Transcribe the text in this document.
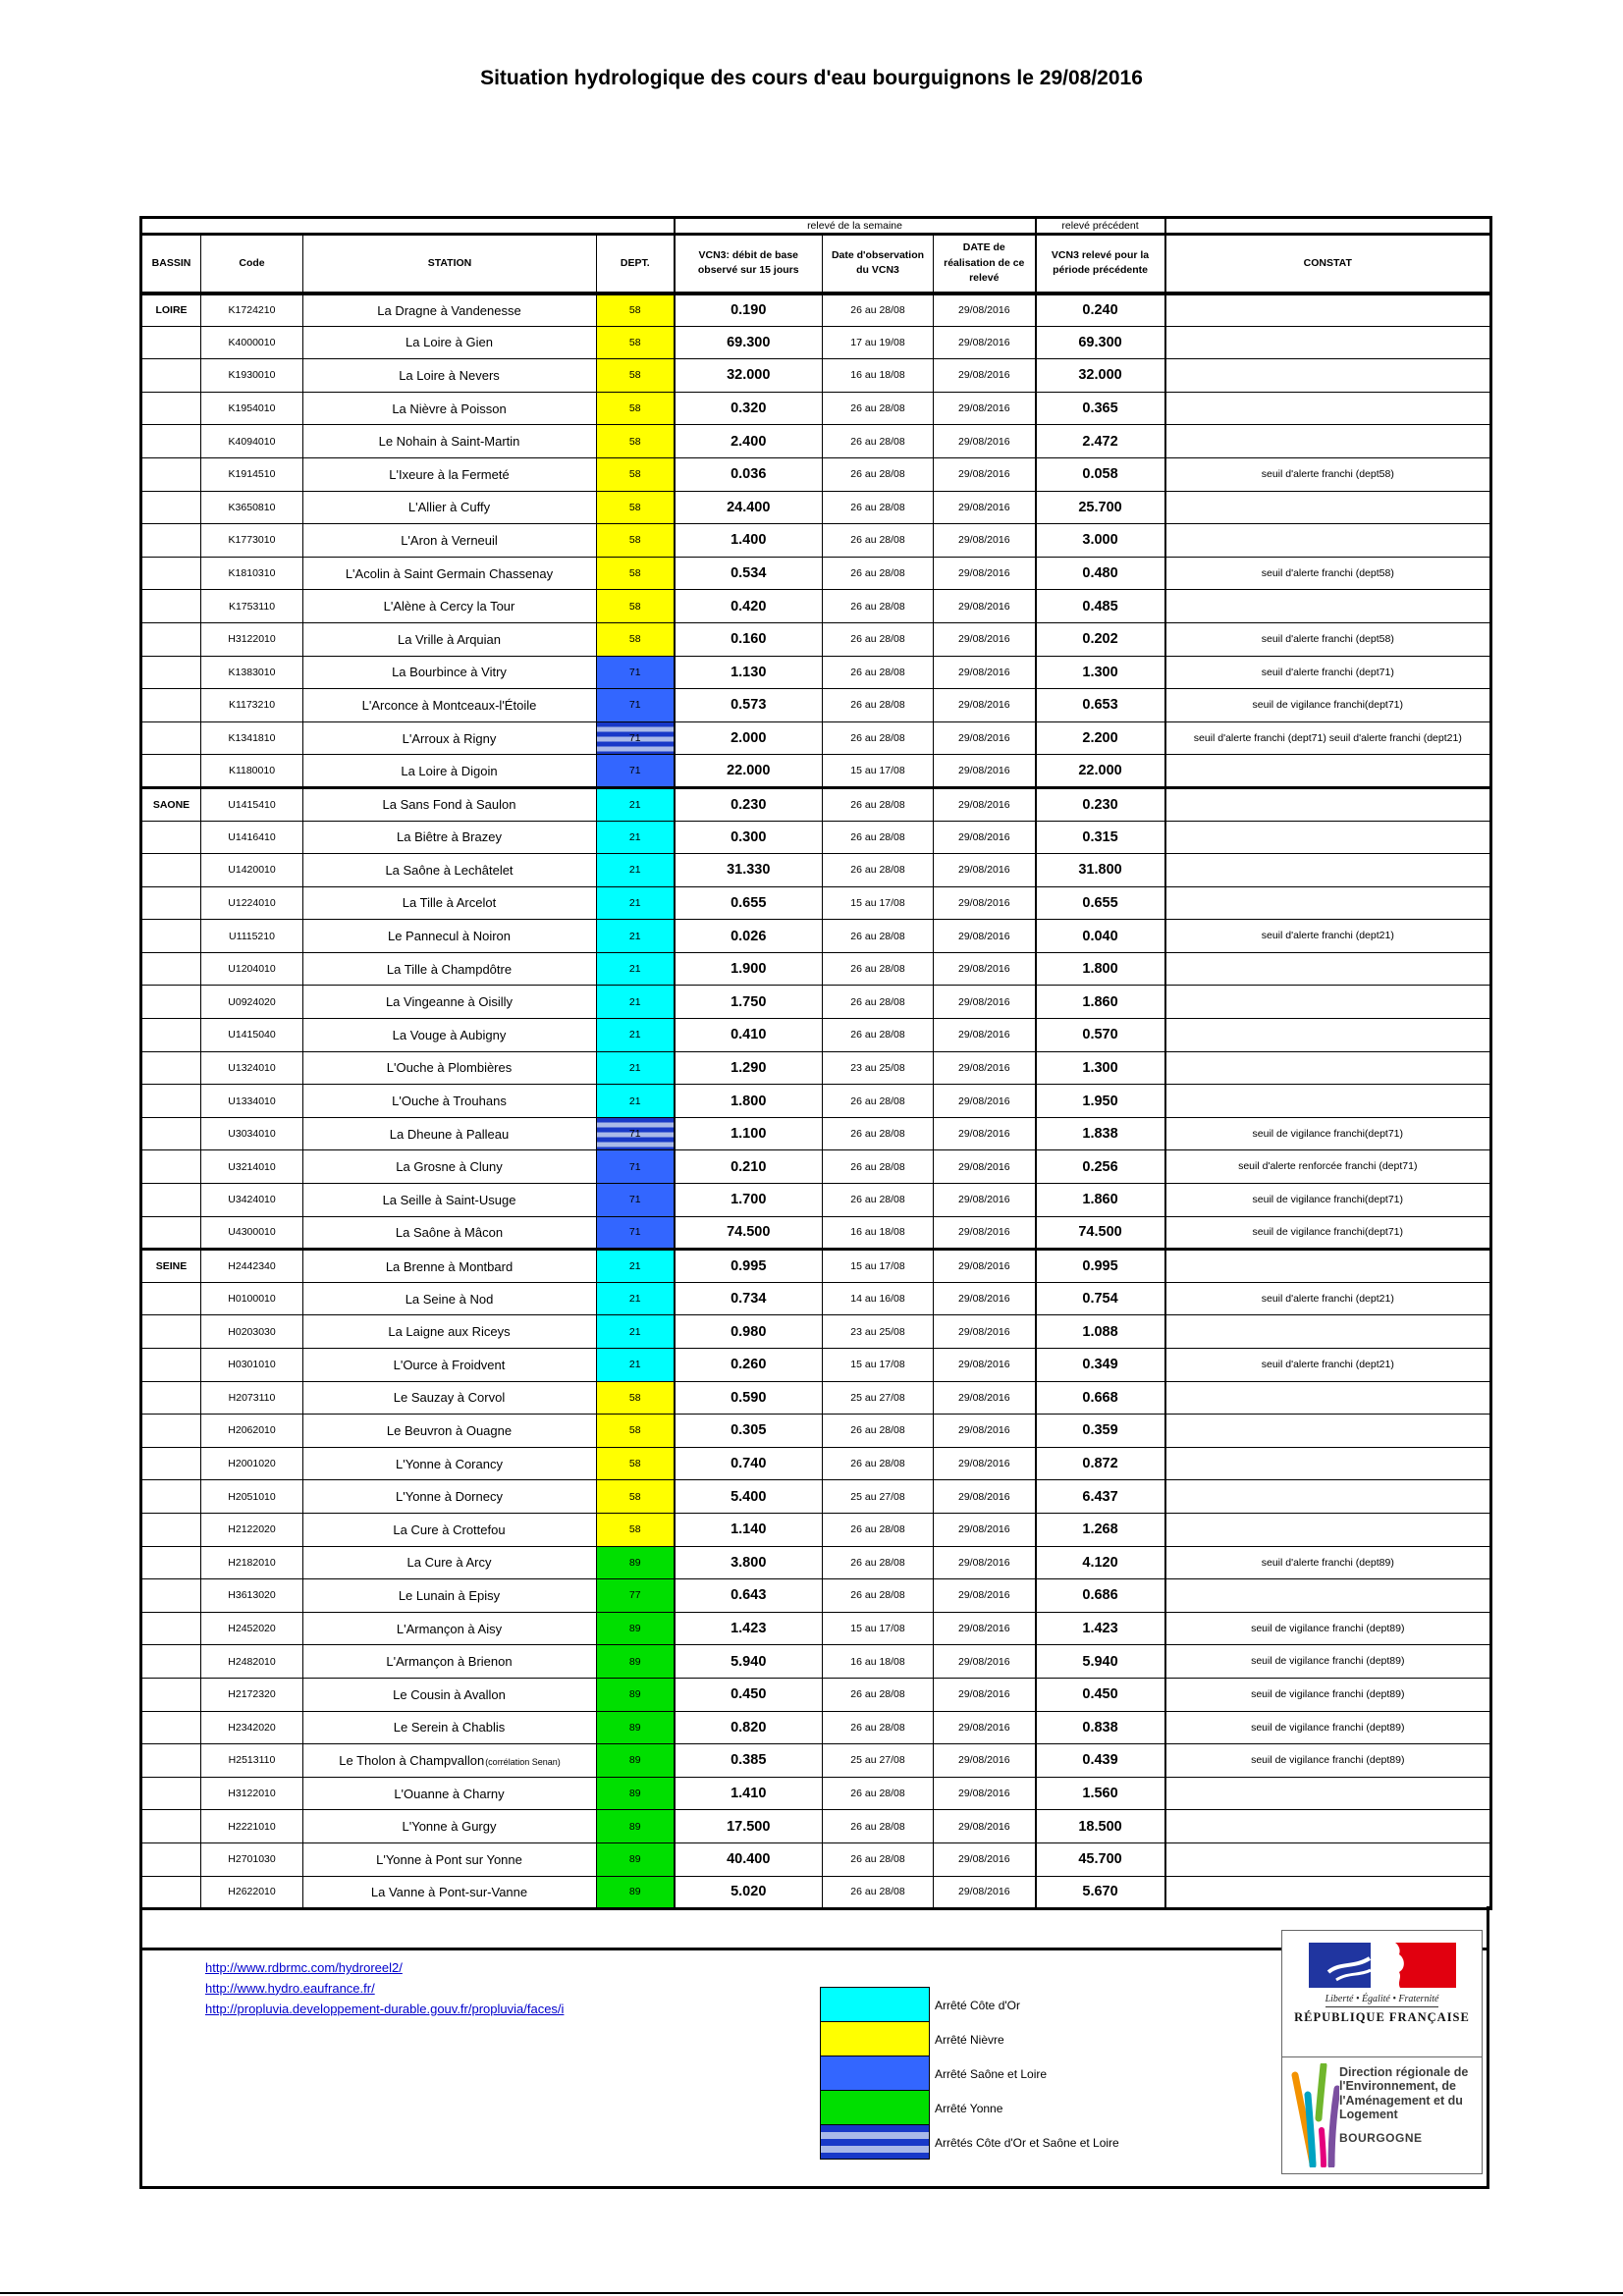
Situation hydrologique des cours d'eau bourguignons le 29/08/2016
				relevé de la semaine			relevé précédent	
BASSIN	Code	STATION	DEPT.	VCN3: débit de base observé sur 15 jours	Date d'observation du VCN3	DATE de réalisation de ce relevé	VCN3 relevé pour la période précédente	CONSTAT
LOIRE	K1724210	La Dragne à Vandenesse	58	0.190	26 au 28/08	29/08/2016	0.240	
	K4000010	La Loire à Gien	58	69.300	17 au 19/08	29/08/2016	69.300	
	K1930010	La Loire à Nevers	58	32.000	16 au 18/08	29/08/2016	32.000	
	K1954010	La Nièvre à Poisson	58	0.320	26 au 28/08	29/08/2016	0.365	
	K4094010	Le Nohain à Saint-Martin	58	2.400	26 au 28/08	29/08/2016	2.472	
	K1914510	L'Ixeure à la Fermeté	58	0.036	26 au 28/08	29/08/2016	0.058	seuil d'alerte franchi (dept58)
	K3650810	L'Allier à Cuffy	58	24.400	26 au 28/08	29/08/2016	25.700	
	K1773010	L'Aron à Verneuil	58	1.400	26 au 28/08	29/08/2016	3.000	
	K1810310	L'Acolin à Saint Germain Chassenay	58	0.534	26 au 28/08	29/08/2016	0.480	seuil d'alerte franchi (dept58)
	K1753110	L'Alène à Cercy la Tour	58	0.420	26 au 28/08	29/08/2016	0.485	
	H3122010	La Vrille à Arquian	58	0.160	26 au 28/08	29/08/2016	0.202	seuil d'alerte franchi (dept58)
	K1383010	La Bourbince à Vitry	71	1.130	26 au 28/08	29/08/2016	1.300	seuil d'alerte franchi (dept71)
	K1173210	L'Arconce à Montceaux-l'Étoile	71	0.573	26 au 28/08	29/08/2016	0.653	seuil de vigilance franchi(dept71)
	K1341810	L'Arroux à Rigny	71	2.000	26 au 28/08	29/08/2016	2.200	seuil d'alerte franchi (dept71) seuil d'alerte franchi (dept21)
	K1180010	La Loire à Digoin	71	22.000	15 au 17/08	29/08/2016	22.000	
SAONE	U1415410	La Sans Fond à Saulon	21	0.230	26 au 28/08	29/08/2016	0.230	
	U1416410	La Biêtre à Brazey	21	0.300	26 au 28/08	29/08/2016	0.315	
	U1420010	La Saône à Lechâtelet	21	31.330	26 au 28/08	29/08/2016	31.800	
	U1224010	La Tille à Arcelot	21	0.655	15 au 17/08	29/08/2016	0.655	
	U1115210	Le Pannecul à Noiron	21	0.026	26 au 28/08	29/08/2016	0.040	seuil d'alerte franchi (dept21)
	U1204010	La Tille à Champdôtre	21	1.900	26 au 28/08	29/08/2016	1.800	
	U0924020	La Vingeanne à Oisilly	21	1.750	26 au 28/08	29/08/2016	1.860	
	U1415040	La Vouge à Aubigny	21	0.410	26 au 28/08	29/08/2016	0.570	
	U1324010	L'Ouche à Plombières	21	1.290	23 au 25/08	29/08/2016	1.300	
	U1334010	L'Ouche à Trouhans	21	1.800	26 au 28/08	29/08/2016	1.950	
	U3034010	La Dheune à Palleau	71	1.100	26 au 28/08	29/08/2016	1.838	seuil de vigilance franchi(dept71)
	U3214010	La Grosne à Cluny	71	0.210	26 au 28/08	29/08/2016	0.256	seuil d'alerte renforcée franchi (dept71)
	U3424010	La Seille à Saint-Usuge	71	1.700	26 au 28/08	29/08/2016	1.860	seuil de vigilance franchi(dept71)
	U4300010	La Saône à Mâcon	71	74.500	16 au 18/08	29/08/2016	74.500	seuil de vigilance franchi(dept71)
SEINE	H2442340	La Brenne à Montbard	21	0.995	15 au 17/08	29/08/2016	0.995	
	H0100010	La Seine à Nod	21	0.734	14 au 16/08	29/08/2016	0.754	seuil d'alerte franchi (dept21)
	H0203030	La Laigne aux Riceys	21	0.980	23 au 25/08	29/08/2016	1.088	
	H0301010	L'Ource à Froidvent	21	0.260	15 au 17/08	29/08/2016	0.349	seuil d'alerte franchi (dept21)
	H2073110	Le Sauzay à Corvol	58	0.590	25 au 27/08	29/08/2016	0.668	
	H2062010	Le Beuvron à Ouagne	58	0.305	26 au 28/08	29/08/2016	0.359	
	H2001020	L'Yonne à Corancy	58	0.740	26 au 28/08	29/08/2016	0.872	
	H2051010	L'Yonne à Dornecy	58	5.400	25 au 27/08	29/08/2016	6.437	
	H2122020	La Cure à Crottefou	58	1.140	26 au 28/08	29/08/2016	1.268	
	H2182010	La Cure à Arcy	89	3.800	26 au 28/08	29/08/2016	4.120	seuil d'alerte franchi (dept89)
	H3613020	Le Lunain à Episy	77	0.643	26 au 28/08	29/08/2016	0.686	
	H2452020	L'Armançon à Aisy	89	1.423	15 au 17/08	29/08/2016	1.423	seuil de vigilance franchi (dept89)
	H2482010	L'Armançon à Brienon	89	5.940	16 au 18/08	29/08/2016	5.940	seuil de vigilance franchi (dept89)
	H2172320	Le Cousin à Avallon	89	0.450	26 au 28/08	29/08/2016	0.450	seuil de vigilance franchi (dept89)
	H2342020	Le Serein à Chablis	89	0.820	26 au 28/08	29/08/2016	0.838	seuil de vigilance franchi (dept89)
	H2513110	Le Tholon à Champvallon(corrélation Senan)	89	0.385	25 au 27/08	29/08/2016	0.439	seuil de vigilance franchi (dept89)
	H3122010	L'Ouanne à Charny	89	1.410	26 au 28/08	29/08/2016	1.560	
	H2221010	L'Yonne à Gurgy	89	17.500	26 au 28/08	29/08/2016	18.500	
	H2701030	L'Yonne à Pont sur Yonne	89	40.400	26 au 28/08	29/08/2016	45.700	
	H2622010	La Vanne à Pont-sur-Vanne	89	5.020	26 au 28/08	29/08/2016	5.670	
http://www.rdbrmc.com/hydroreel2/
http://www.hydro.eaufrance.fr/
http://propluvia.developpement-durable.gouv.fr/propluvia/faces/i	Arrêté Côte d'Or
Arrêté Nièvre
Arrêté Saône et Loire
Arrêté Yonne
Arrêtés Côte d'Or et Saône et Loire
Liberté • Égalité • Fraternité
RÉPUBLIQUE FRANÇAISE
Direction régionale de l'Environnement, de l'Aménagement et du Logement
BOURGOGNE
